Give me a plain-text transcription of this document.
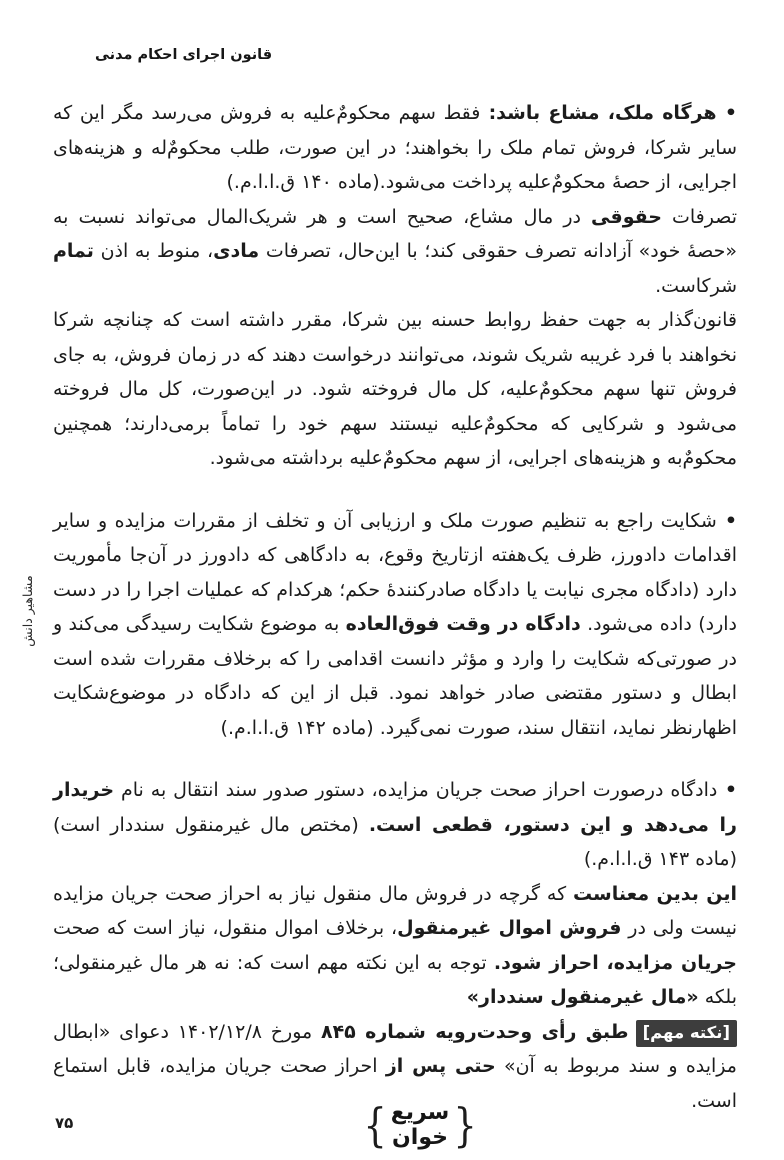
قانون اجرای احکام مدنی

• هرگاه ملک، مشاع باشد: فقط سهم محکومٌ‌علیه به فروش می‌رسد مگر این که سایر شرکا، فروش تمام ملک را بخواهند؛ در این صورت، طلب محکومٌ‌له و هزینه‌های اجرایی، از حصهٔ محکومٌ‌علیه پرداخت می‌شود.(ماده ۱۴۰ ق.ا.ا.م.)

تصرفات حقوقی در مال مشاع، صحیح است و هر شریک‌المال می‌تواند نسبت به «حصهٔ خود» آزادانه تصرف حقوقی کند؛ با این‌حال، تصرفات مادی، منوط به اذن تمام شرکاست.

قانون‌گذار به جهت حفظ روابط حسنه بین شرکا، مقرر داشته است که چنانچه شرکا نخواهند با فرد غریبه شریک شوند، می‌توانند درخواست دهند که در زمان فروش، به جای فروش تنها سهم محکومٌ‌علیه، کل مال فروخته شود. در این‌صورت، کل مال فروخته می‌شود و شرکایی که محکومٌ‌علیه نیستند سهم خود را تماماً برمی‌دارند؛ همچنین محکومٌ‌به و هزینه‌های اجرایی، از سهم محکومٌ‌علیه برداشته می‌شود.

• شکایت راجع به تنظیم صورت ملک و ارزیابی آن و تخلف از مقررات مزایده و سایر اقدامات دادورز، ظرف یک‌هفته ازتاریخ وقوع، به دادگاهی که دادورز در آن‌جا مأموریت دارد (دادگاه مجری نیابت یا دادگاه صادرکنندهٔ حکم؛ هرکدام که عملیات اجرا را در دست دارد) داده می‌شود. دادگاه در وقت فوق‌العاده به موضوع شکایت رسیدگی می‌کند و در صورتی‌که شکایت را وارد و مؤثر دانست اقدامی را که برخلاف مقررات شده است ابطال و دستور مقتضی صادر خواهد نمود. قبل از این که دادگاه در موضوع‌شکایت اظهارنظر نماید، انتقال سند، صورت نمی‌گیرد. (ماده ۱۴۲ ق.ا.ا.م.)

• دادگاه درصورت احراز صحت جریان مزایده، دستور صدور سند انتقال به نام خریدار را می‌دهد و این دستور، قطعی است. (مختص مال غیرمنقول سنددار است) (ماده ۱۴۳ ق.ا.ا.م.)

این بدین معناست که گرچه در فروش مال منقول نیاز به احراز صحت جریان مزایده نیست ولی در فروش اموال غیرمنقول، برخلاف اموال منقول، نیاز است که صحت جریان مزایده، احراز شود. توجه به این نکته مهم است که: نه هر مال غیرمنقولی؛ بلکه «مال غیرمنقول سنددار»

[نکته مهم]طبق رأی وحدت‌رویه شماره ۸۴۵ مورخ ۱۴۰۲/۱۲/۸ دعوای «ابطال مزایده و سند مربوط به آن» حتی پس از احراز صحت جریان مزایده، قابل استماع است.

مشاهیر دانش
۷۵	{ سریع
خوان }
